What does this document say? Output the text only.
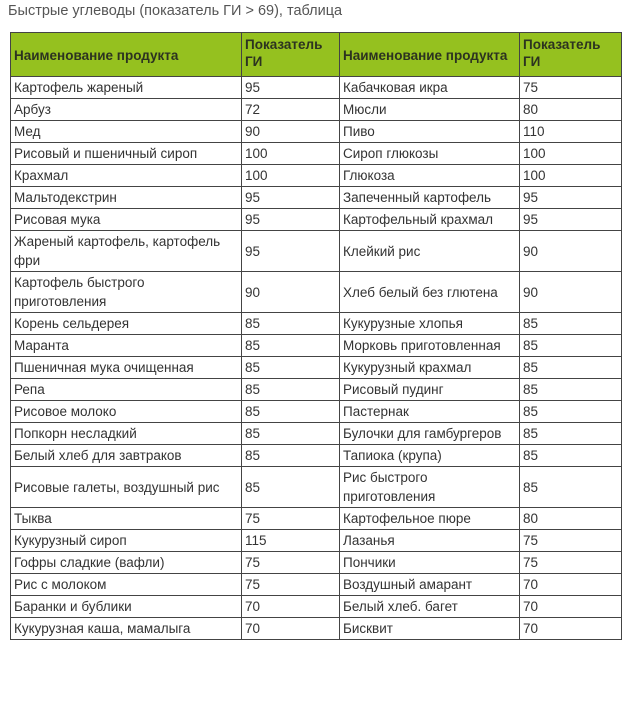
Быстрые углеводы (показатель ГИ > 69), таблица
Наименование продукта	Показатель ГИ	Наименование продукта	Показатель ГИ
Картофель жареный	95	Кабачковая икра	75
Арбуз	72	Мюсли	80
Мед	90	Пиво	110
Рисовый и пшеничный сироп	100	Сироп глюкозы	100
Крахмал	100	Глюкоза	100
Мальтодекстрин	95	Запеченный картофель	95
Рисовая мука	95	Картофельный крахмал	95
Жареный картофель, картофель фри	95	Клейкий рис	90
Картофель быстрого приготовления	90	Хлеб белый без глютена	90
Корень сельдерея	85	Кукурузные хлопья	85
Маранта	85	Морковь приготовленная	85
Пшеничная мука очищенная	85	Кукурузный крахмал	85
Репа	85	Рисовый пудинг	85
Рисовое молоко	85	Пастернак	85
Попкорн несладкий	85	Булочки для гамбургеров	85
Белый хлеб для завтраков	85	Тапиока (крупа)	85
Рисовые галеты, воздушный рис	85	Рис быстрого приготовления	85
Тыква	75	Картофельное пюре	80
Кукурузный сироп	115	Лазанья	75
Гофры сладкие (вафли)	75	Пончики	75
Рис с молоком	75	Воздушный амарант	70
Баранки и бублики	70	Белый хлеб. багет	70
Кукурузная каша, мамалыга	70	Бисквит	70
